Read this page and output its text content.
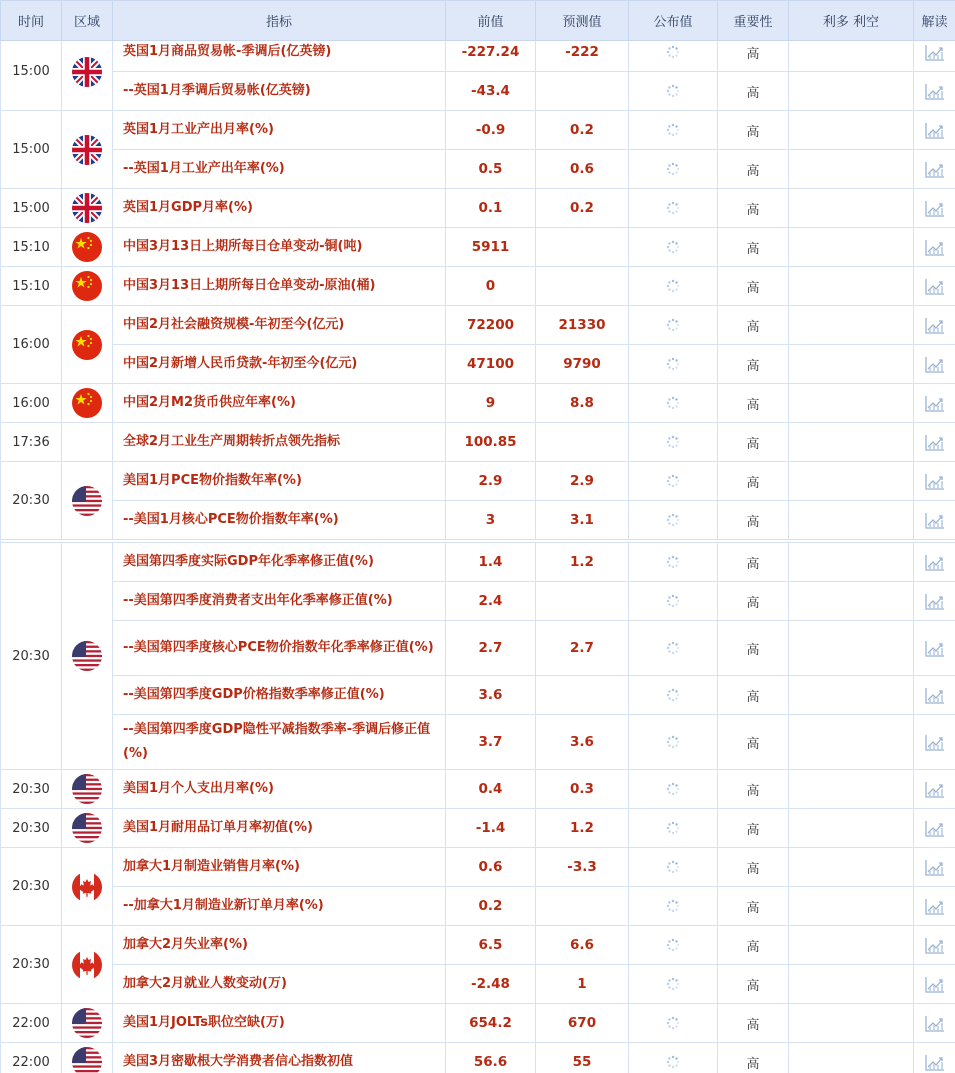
时间	区域	指标	前值	预测值	公布值	重要性	利多 利空	解读
15:00		英国1月商品贸易帐-季调后(亿英镑)	-227.24	-222		高		
		--英国1月季调后贸易帐(亿英镑)	-43.4			高		
15:00		英国1月工业产出月率(%)	-0.9	0.2		高		
		--英国1月工业产出年率(%)	0.5	0.6		高		
15:00		英国1月GDP月率(%)	0.1	0.2		高		
15:10		中国3月13日上期所每日仓单变动-铜(吨)	5911			高		
15:10		中国3月13日上期所每日仓单变动-原油(桶)	0			高		
16:00		中国2月社会融资规模-年初至今(亿元)	72200	21330		高		
		中国2月新增人民币贷款-年初至今(亿元)	47100	9790		高		
16:00		中国2月M2货币供应年率(%)	9	8.8		高		
17:36		全球2月工业生产周期转折点领先指标	100.85			高		
20:30		美国1月PCE物价指数年率(%)	2.9	2.9		高		
		--美国1月核心PCE物价指数年率(%)	3	3.1		高		

20:30		美国第四季度实际GDP年化季率修正值(%)	1.4	1.2		高		
		--美国第四季度消费者支出年化季率修正值(%)	2.4			高		
		--美国第四季度核心PCE物价指数年化季率修正值(%)	2.7	2.7		高		
		--美国第四季度GDP价格指数季率修正值(%)	3.6			高		
		--美国第四季度GDP隐性平减指数季率-季调后修正值(%)	3.7	3.6		高		
20:30		美国1月个人支出月率(%)	0.4	0.3		高		
20:30		美国1月耐用品订单月率初值(%)	-1.4	1.2		高		
20:30		加拿大1月制造业销售月率(%)	0.6	-3.3		高		
		--加拿大1月制造业新订单月率(%)	0.2			高		
20:30		加拿大2月失业率(%)	6.5	6.6		高		
		加拿大2月就业人数变动(万)	-2.48	1		高		
22:00		美国1月JOLTs职位空缺(万)	654.2	670		高		
22:00		美国3月密歇根大学消费者信心指数初值	56.6	55		高		
